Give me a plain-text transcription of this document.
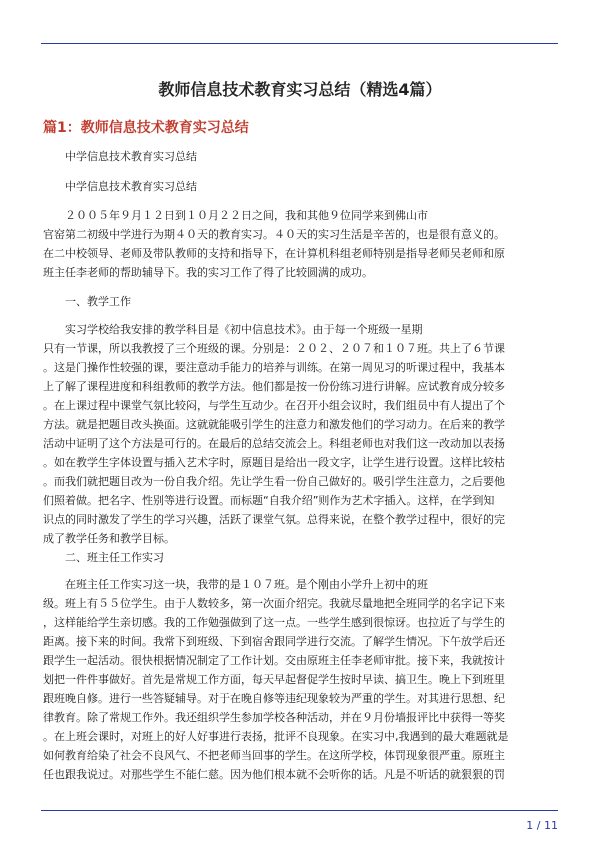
教师信息技术教育实习总结（精选4篇）
篇1：教师信息技术教育实习总结

中学信息技术教育实习总结

中学信息技术教育实习总结

２００５年９月１２日到１０月２２日之间，我和其他９位同学来到佛山市
官窑第二初级中学进行为期４０天的教育实习。４０天的实习生活是辛苦的，也是很有意义的。
在二中校领导、老师及带队教师的支持和指导下，在计算机科组老师特别是指导老师吴老师和原
班主任李老师的帮助辅导下。我的实习工作了得了比较圆满的成功。

一、教学工作

实习学校给我安排的教学科目是《初中信息技术》。由于每一个班级一星期
只有一节课，所以我教授了三个班级的课。分别是：２０２、２０７和１０７班。共上了６节课
。这是门操作性较强的课，要注意动手能力的培养与训练。在第一周见习的听课过程中，我基本
上了解了课程进度和科组教师的教学方法。他们都是按一份份练习进行讲解。应试教育成分较多
。在上课过程中课堂气氛比较闷，与学生互动少。在召开小组会议时，我们组员中有人提出了个
方法。就是把题目改头换面。这就就能吸引学生的注意力和激发他们的学习动力。在后来的教学
活动中证明了这个方法是可行的。在最后的总结交流会上。科组老师也对我们这一改动加以表扬
。如在教学生字体设置与插入艺术字时，原题目是给出一段文字，让学生进行设置。这样比较枯
。而我们就把题目改为一份自我介绍。先让学生看一份自己做好的。吸引学生注意力，之后要他
们照着做。把名字、性别等进行设置。而标题“自我介绍”则作为艺术字插入。这样，在学到知
识点的同时激发了学生的学习兴趣，活跃了课堂气氛。总得来说，在整个教学过程中，很好的完
成了教学任务和教学目标。

二、班主任工作实习

在班主任工作实习这一块，我带的是１０７班。是个刚由小学升上初中的班
级。班上有５５位学生。由于人数较多，第一次面介绍完。我就尽量地把全班同学的名字记下来
，这样能给学生亲切感。我的工作勉强做到了这一点。一些学生感到很惊讶。也拉近了与学生的
距离。接下来的时间。我常下到班级、下到宿舍跟同学进行交流。了解学生情况。下午放学后还
跟学生一起活动。很快根据情况制定了工作计划。交由原班主任李老师审批。接下来，我就按计
划把一件件事做好。首先是常规工作方面，每天早起督促学生按时早读、搞卫生。晚上下到班里
跟班晚自修。进行一些答疑辅导。对于在晚自修等违纪现象较为严重的学生。对其进行思想、纪
律教育。除了常规工作外。我还组织学生参加学校各种活动，并在９月份墙报评比中获得一等奖
。在上班会课时，对班上的好人好事进行表扬，批评不良现象。在实习中,我遇到的最大难题就是
如何教育给染了社会不良风气、不把老师当回事的学生。在这所学校，体罚现象很严重。原班主
任也跟我说过。对那些学生不能仁慈。因为他们根本就不会听你的话。凡是不听话的就狠狠的罚
1 / 11
